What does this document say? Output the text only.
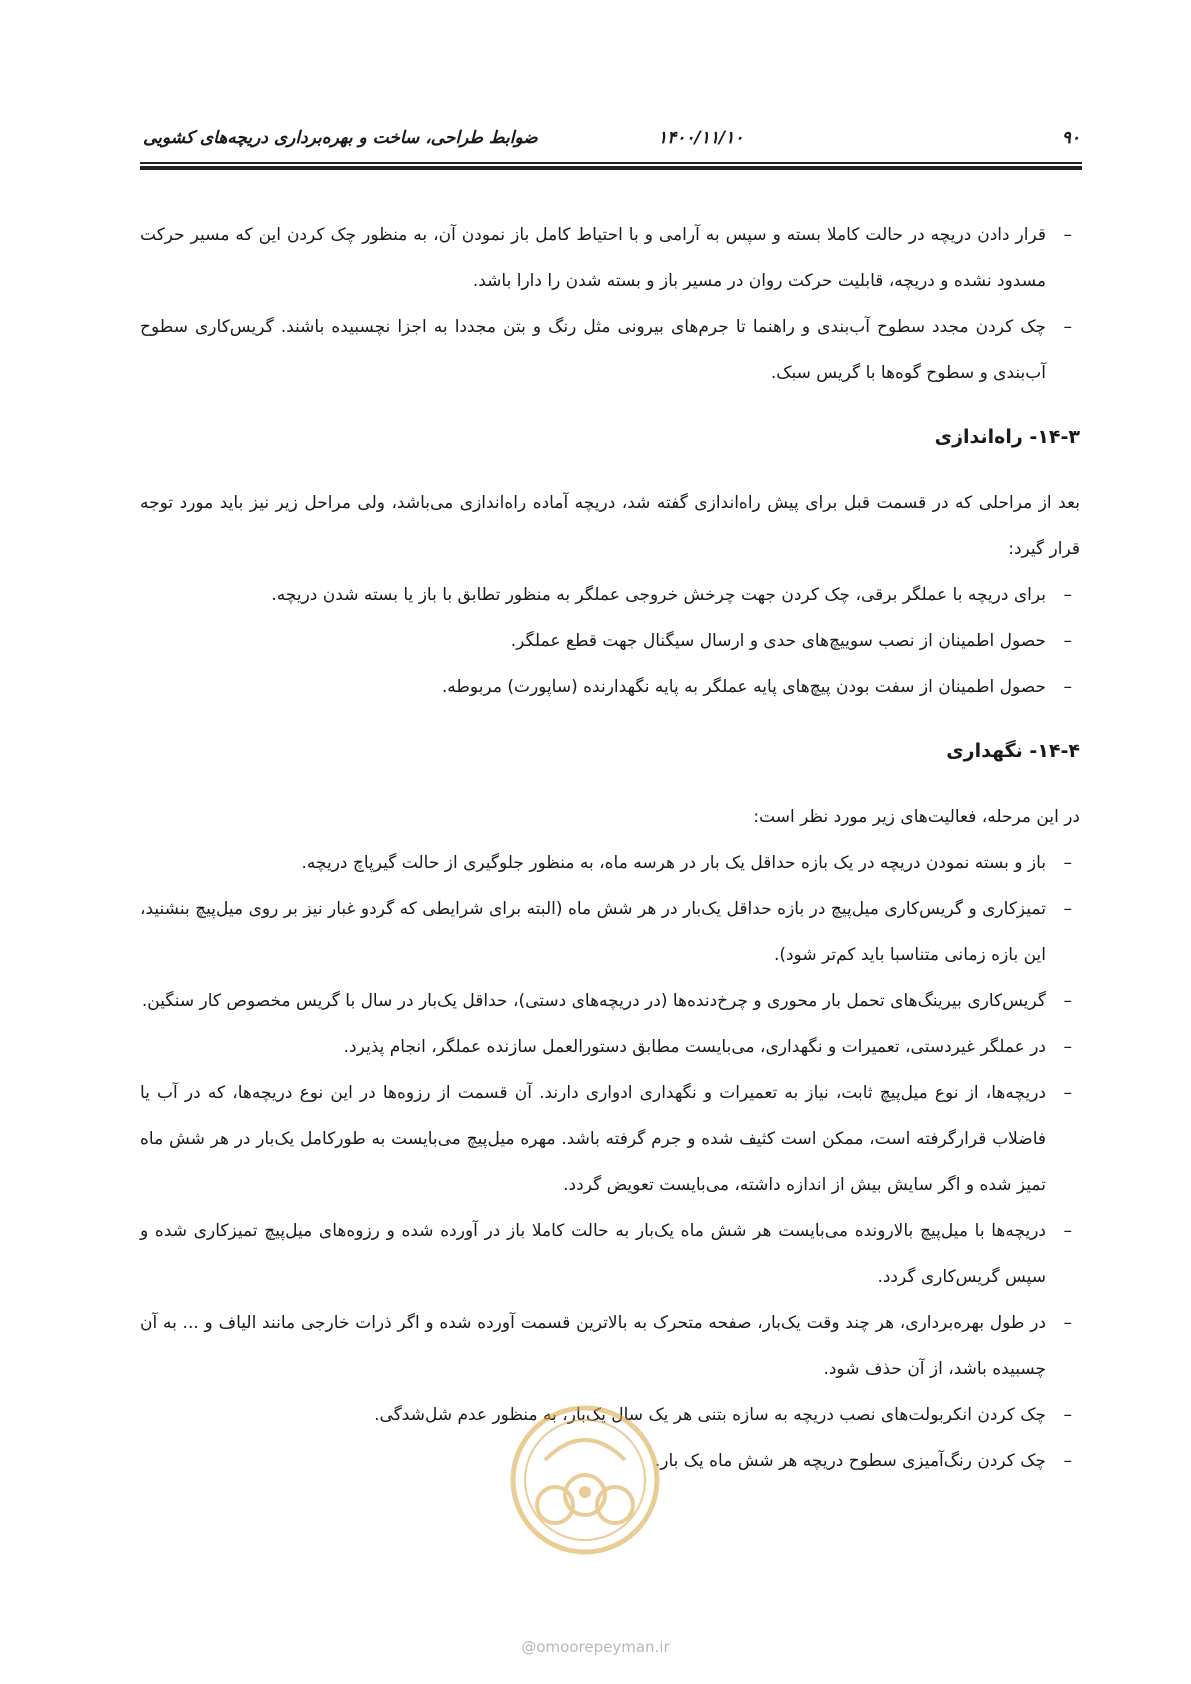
۹۰
۱۴۰۰/۱۱/۱۰
ضوابط طراحی، ساخت و بهره‌برداری دریچه‌های کشویی
–
قرار دادن دریچه در حالت کاملا بسته و سپس به آرامی و با احتیاط کامل باز نمودن آن، به منظور چک کردن این که مسیر حرکت مسدود نشده و دریچه، قابلیت حرکت روان در مسیر باز و بسته شدن را دارا باشد.
–
چک کردن مجدد سطوح آب‌بندی و راهنما تا جرم‌های بیرونی مثل رنگ و بتن مجددا به اجزا نچسبیده باشند. گریس‌کاری سطوح آب‌بندی و سطوح گوه‌ها با گریس سبک.
۱۴-۳- راه‌اندازی

بعد از مراحلی که در قسمت قبل برای پیش راه‌اندازی گفته شد، دریچه آماده راه‌اندازی می‌باشد، ولی مراحل زیر نیز باید مورد توجه قرار گیرد:

–
برای دریچه با عملگر برقی، چک کردن جهت چرخش خروجی عملگر به منظور تطابق با باز یا بسته شدن دریچه.
–
حصول اطمینان از نصب سوییچ‌های حدی و ارسال سیگنال جهت قطع عملگر.
–
حصول اطمینان از سفت بودن پیچ‌های پایه عملگر به پایه نگهدارنده (ساپورت) مربوطه.
۱۴-۴- نگهداری

در این مرحله، فعالیت‌های زیر مورد نظر است:

–
باز و بسته نمودن دریچه در یک بازه حداقل یک بار در هرسه ماه، به منظور جلوگیری از حالت گیرپاچ دریچه.
–
تمیزکاری و گریس‌کاری میل‌پیچ در بازه حداقل یک‌بار در هر شش ماه (البته برای شرایطی که گردو غبار نیز بر روی میل‌پیچ بنشنید، این بازه زمانی متناسبا باید کم‌تر شود).
–
گریس‌کاری بیرینگ‌های تحمل بار محوری و چرخ‌دنده‌ها (در دریچه‌های دستی)، حداقل یک‌بار در سال با گریس مخصوص کار سنگین.
–
در عملگر غیردستی، تعمیرات و نگهداری، می‌بایست مطابق دستورالعمل سازنده عملگر، انجام پذیرد.
–
دریچه‌ها، از نوع میل‌پیچ ثابت، نیاز به تعمیرات و نگهداری ادواری دارند. آن قسمت از رزوه‌ها در این نوع دریچه‌ها، که در آب یا فاضلاب قرارگرفته است، ممکن است کثیف شده و جرم گرفته باشد. مهره میل‌پیچ می‌بایست به طورکامل یک‌بار در هر شش ماه تمیز شده و اگر سایش بیش از اندازه داشته، می‌بایست تعویض گردد.
–
دریچه‌ها با میل‌پیچ بالارونده می‌بایست هر شش ماه یک‌بار به حالت کاملا باز در آورده شده و رزوه‌های میل‌پیچ تمیزکاری شده و سپس گریس‌کاری گردد.
–
در طول بهره‌برداری، هر چند وقت یک‌بار، صفحه متحرک به بالاترین قسمت آورده شده و اگر ذرات خارجی مانند الیاف و ... به آن چسبیده باشد، از آن حذف شود.
–
چک کردن انکربولت‌های نصب دریچه به سازه بتنی هر یک سال یک‌بار، به منظور عدم شل‌شدگی.
–
چک کردن رنگ‌آمیزی سطوح دریچه هر شش ماه یک بار.
@omoorepeyman.ir
